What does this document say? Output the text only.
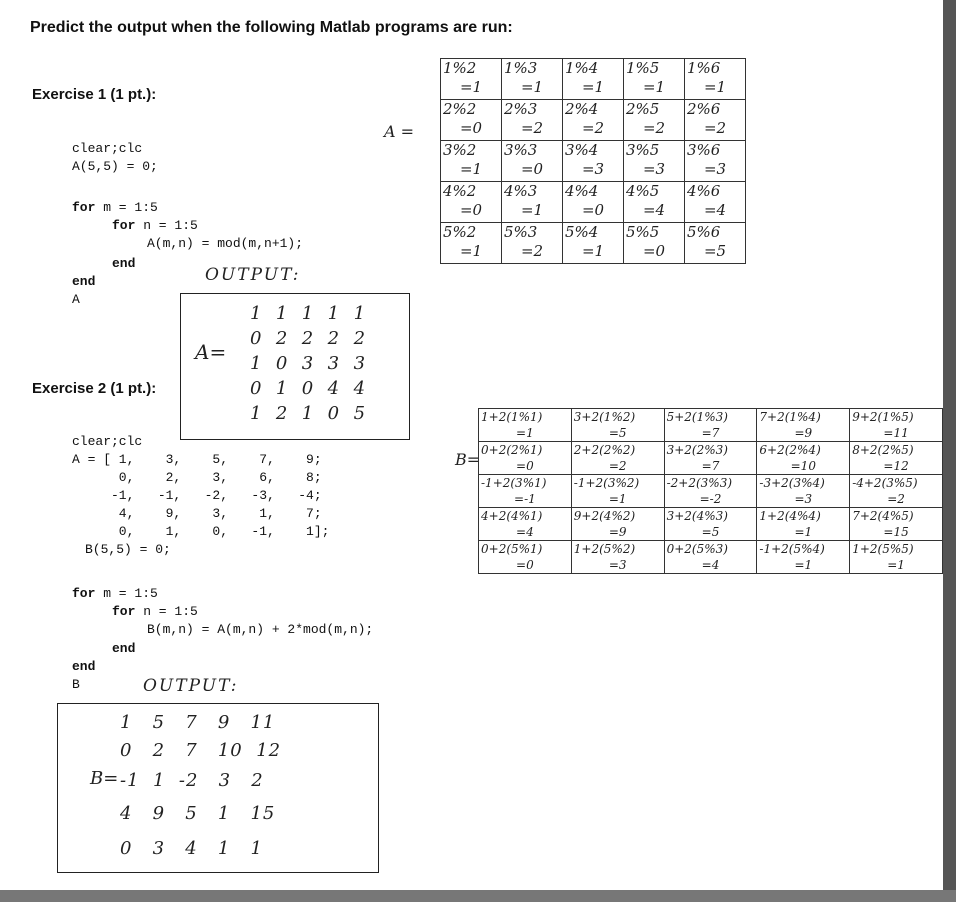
Predict the output when the following Matlab programs are run:
Exercise 1 (1 pt.):
clear;clc
A(5,5) = 0;
for m = 1:5
for n = 1:5
A(m,n) = mod(m,n+1);
end
end
A
OUTPUT:
A=
1  1  1  1  1
0  2  2  2  2
1  0  3  3  3
0  1  0  4  4
1  2  1  0  5
A =
1%2
=1	1%3
=1	1%4
=1	1%5
=1	1%6
=1

2%2
=0	2%3
=2	2%4
=2	2%5
=2	2%6
=2

3%2
=1	3%3
=0	3%4
=3	3%5
=3	3%6
=3

4%2
=0	4%3
=1	4%4
=0	4%5
=4	4%6
=4

5%2
=1	5%3
=2	5%4
=1	5%5
=0	5%6
=5
Exercise 2 (1 pt.):
clear;clc
A = [ 1,    3,    5,    7,    9;
0,    2,    3,    6,    8;
-1,   -1,   -2,   -3,   -4;
4,    9,    3,    1,    7;
0,    1,    0,   -1,    1];
B(5,5) = 0;
for m = 1:5
for n = 1:5
B(m,n) = A(m,n) + 2*mod(m,n);
end
end
B	OUTPUT:
B=
1   5   7   9   11
0   2   7   10  12
-1  1  -2   3   2
4   9   5   1   15
0   3   4   1   1
B=
1+2(1%1)
=1	3+2(1%2)
=5	5+2(1%3)
=7	7+2(1%4)
=9	9+2(1%5)
=11

0+2(2%1)
=0	2+2(2%2)
=2	3+2(2%3)
=7	6+2(2%4)
=10	8+2(2%5)
=12

-1+2(3%1)
=-1	-1+2(3%2)
=1	-2+2(3%3)
=-2	-3+2(3%4)
=3	-4+2(3%5)
=2

4+2(4%1)
=4	9+2(4%2)
=9	3+2(4%3)
=5	1+2(4%4)
=1	7+2(4%5)
=15

0+2(5%1)
=0	1+2(5%2)
=3	0+2(5%3)
=4	-1+2(5%4)
=1	1+2(5%5)
=1
